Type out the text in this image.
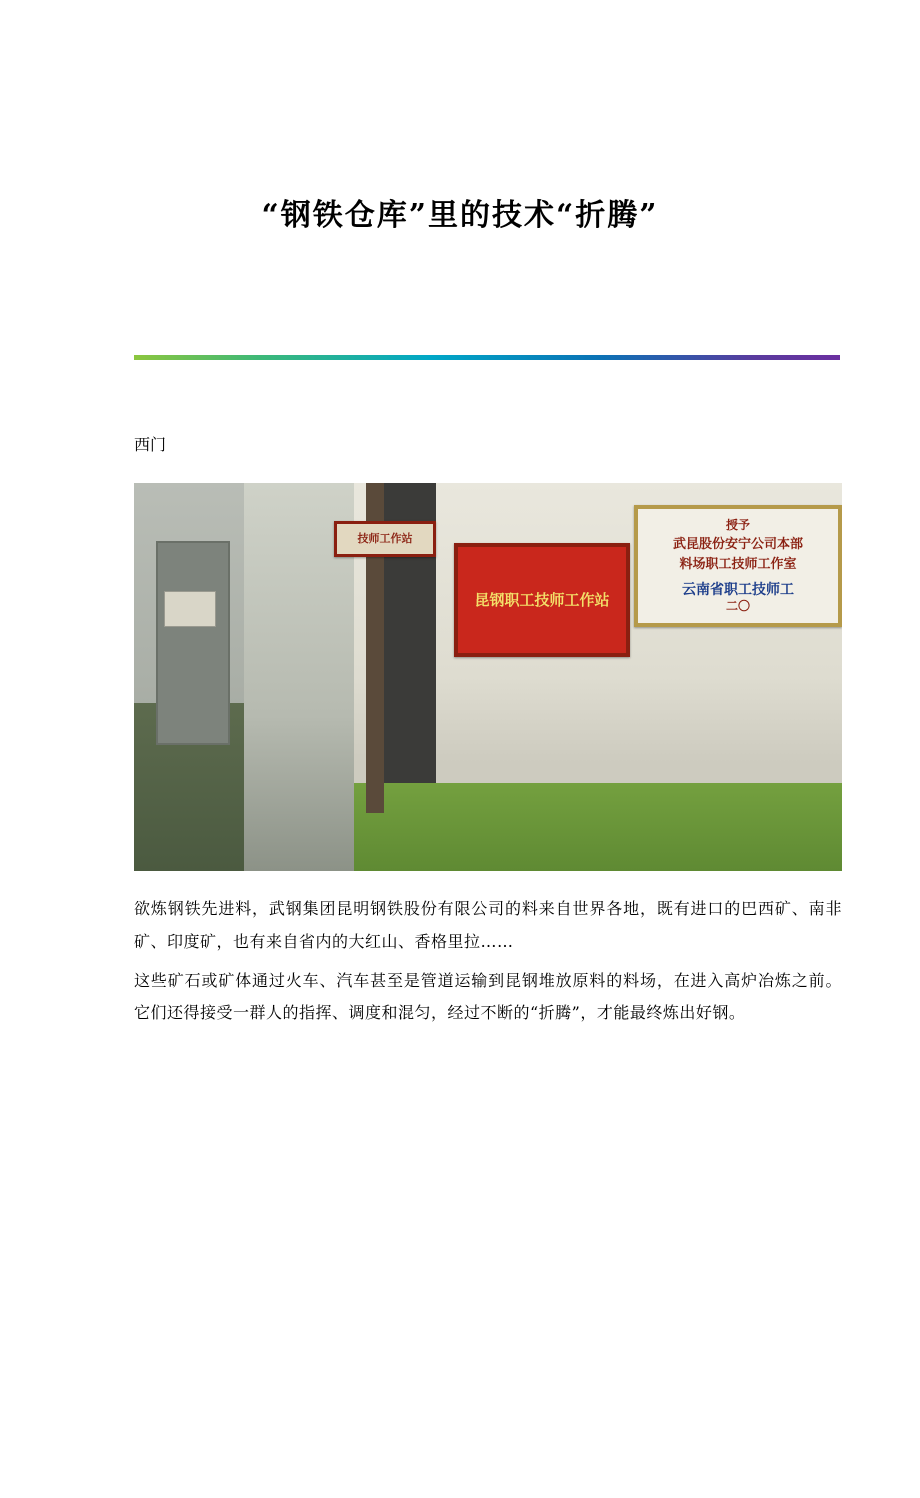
“钢铁仓库”里的技术“折腾”
西门
技师工作站
昆钢职工技师工作站
授予
武昆股份安宁公司本部
料场职工技师工作室
云南省职工技师工
二〇

欲炼钢铁先进料，武钢集团昆明钢铁股份有限公司的料来自世界各地，既有进口的巴西矿、南非矿、印度矿，也有来自省内的大红山、香格里拉……

这些矿石或矿体通过火车、汽车甚至是管道运输到昆钢堆放原料的料场，在进入高炉冶炼之前。它们还得接受一群人的指挥、调度和混匀，经过不断的“折腾”，才能最终炼出好钢。
